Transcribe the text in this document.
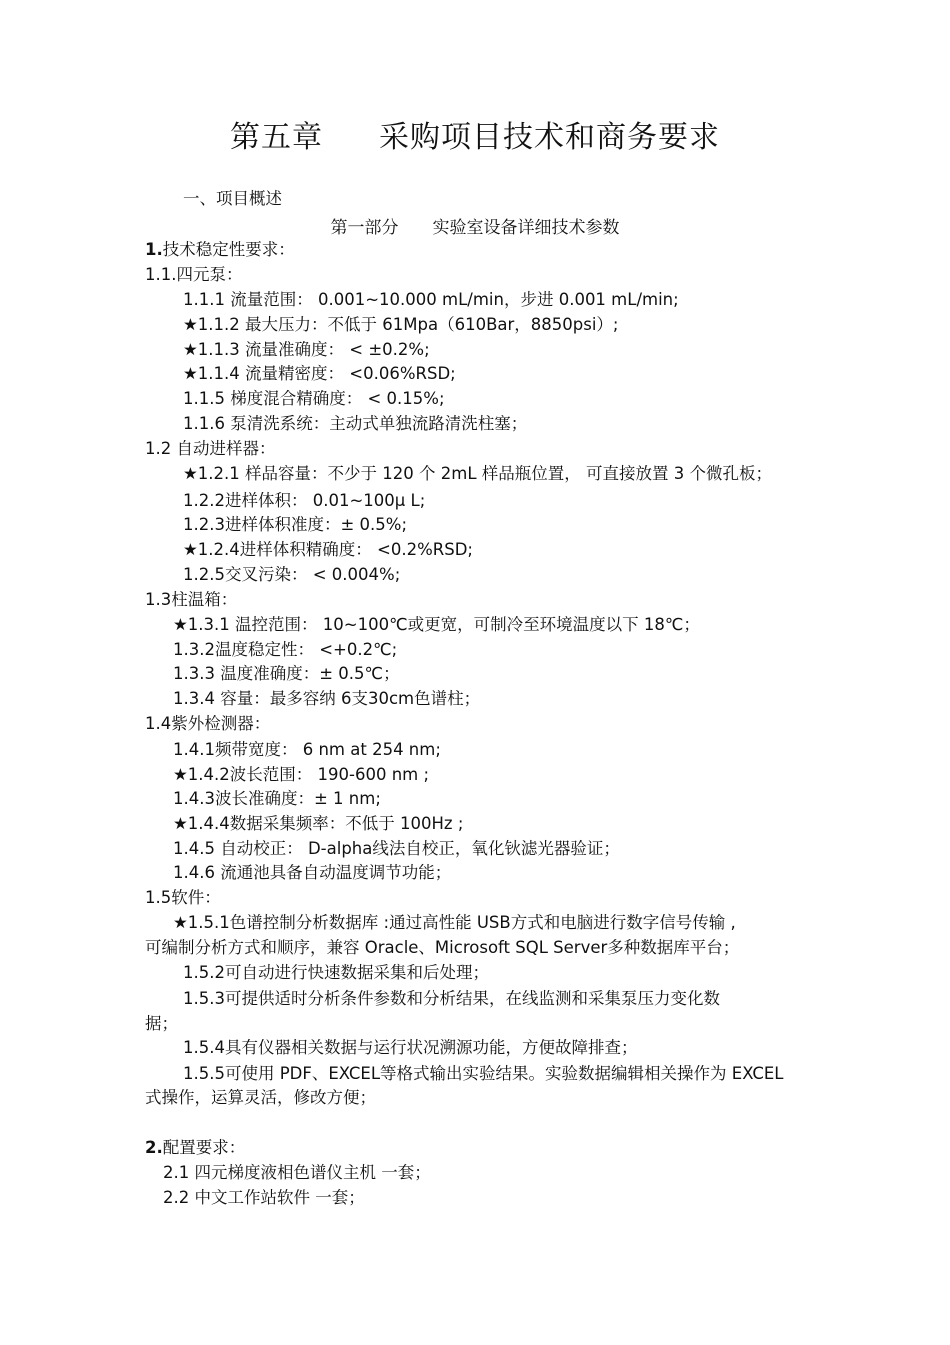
第五章 采购项目技术和商务要求
一、项目概述
第一部分 实验室设备详细技术参数
1.技术稳定性要求：
1.1.四元泵：
1.1.1 流量范围： 0.001~10.000 mL/min，步进 0.001 mL/min;
★1.1.2 最大压力：不低于 61Mpa（610Bar，8850psi）;
★1.1.3 流量准确度： < ±0.2%;
★1.1.4 流量精密度： <0.06%RSD;
1.1.5 梯度混合精确度： < 0.15%;
1.1.6 泵清洗系统：主动式单独流路清洗柱塞；
1.2 自动进样器：
★1.2.1 样品容量：不少于 120 个 2mL 样品瓶位置， 可直接放置 3 个微孔板；
1.2.2进样体积： 0.01~100μ L;
1.2.3进样体积准度：± 0.5%;
★1.2.4进样体积精确度： <0.2%RSD;
1.2.5交叉污染： < 0.004%;
1.3柱温箱：
★1.3.1 温控范围： 10~100℃或更宽，可制冷至环境温度以下 18℃；
1.3.2温度稳定性： <+0.2℃;
1.3.3 温度准确度：± 0.5℃；
1.3.4 容量：最多容纳 6支30cm色谱柱；
1.4紫外检测器：
1.4.1频带宽度： 6 nm at 254 nm;
★1.4.2波长范围： 190-600 nm ;
1.4.3波长准确度：± 1 nm;
★1.4.4数据采集频率：不低于 100Hz ;
1.4.5 自动校正： D-alpha线法自校正，氧化钬滤光器验证；
1.4.6 流通池具备自动温度调节功能；
1.5软件：
★1.5.1色谱控制分析数据库 :通过高性能 USB方式和电脑进行数字信号传输 ,
可编制分析方式和顺序，兼容 Oracle、Microsoft SQL Server多种数据库平台；
1.5.2可自动进行快速数据采集和后处理；
1.5.3可提供适时分析条件参数和分析结果，在线监测和采集泵压力变化数
据；
1.5.4具有仪器相关数据与运行状况溯源功能，方便故障排查；
1.5.5可使用 PDF、EXCEL等格式输出实验结果。实验数据编辑相关操作为 EXCEL
式操作，运算灵活，修改方便；
2.配置要求：
2.1 四元梯度液相色谱仪主机 一套；
2.2 中文工作站软件 一套；
